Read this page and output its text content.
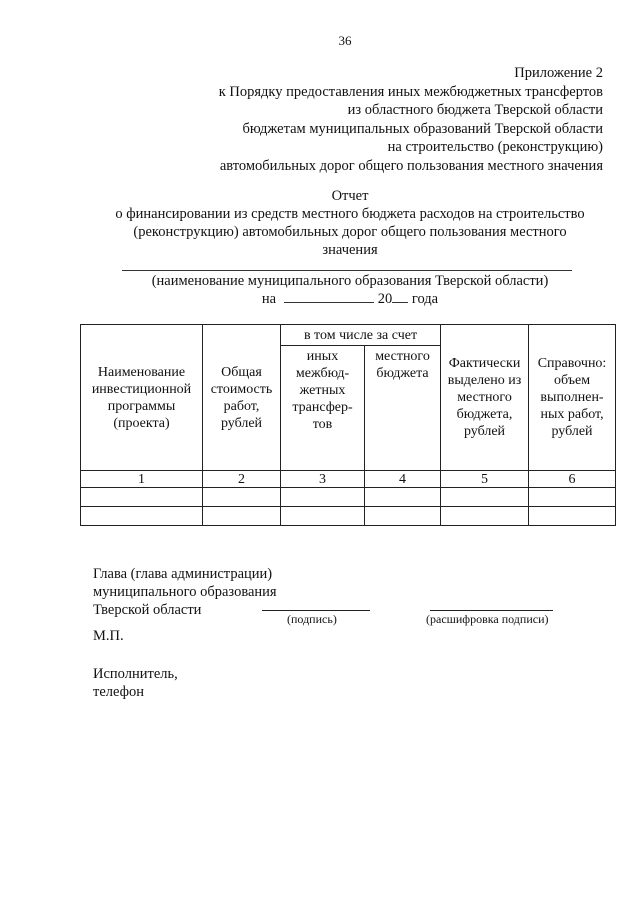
36
Приложение 2
к Порядку предоставления иных межбюджетных трансфертов
из областного бюджета Тверской области
бюджетам муниципальных образований Тверской области
на строительство (реконструкцию)
автомобильных дорог общего пользования местного значения
Отчет
о финансировании из средств местного бюджета расходов на строительство
(реконструкцию) автомобильных дорог общего пользования местного
значения
(наименование муниципального образования Тверской области)
на	20 года
Наименование инвестиционной программы (проекта)	Общая стоимость работ, рублей	в том числе за счет		Фактически выделено из местного бюджета, рублей	Справочно: объем выполнен-ных работ, рублей
		иных межбюд-жетных трансфер-тов	местного бюджета		
1	2	3	4	5	6

Глава (глава администрации)
муниципального образования
Тверской области
(подпись)	(расшифровка подписи)
М.П.
Исполнитель,
телефон
